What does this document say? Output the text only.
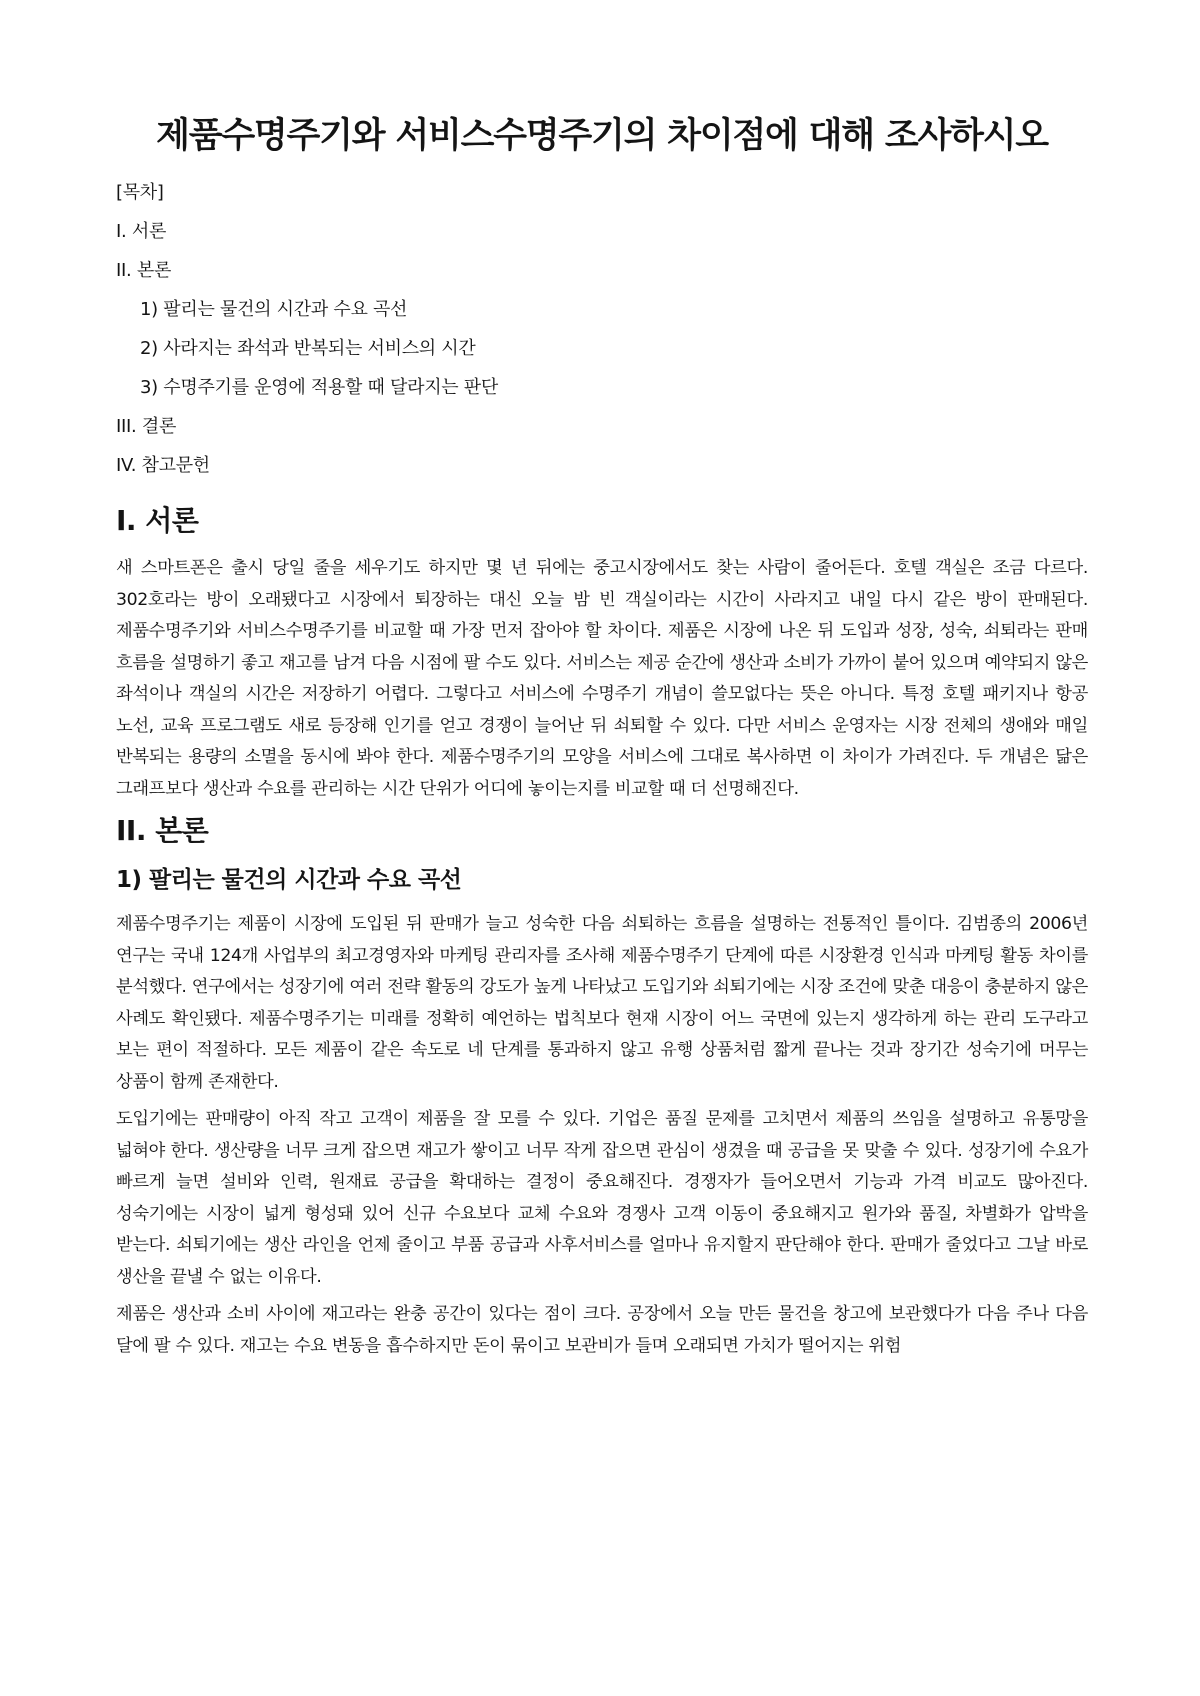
제품수명주기와 서비스수명주기의 차이점에 대해 조사하시오
[목차]
I. 서론
II. 본론
1) 팔리는 물건의 시간과 수요 곡선
2) 사라지는 좌석과 반복되는 서비스의 시간
3) 수명주기를 운영에 적용할 때 달라지는 판단
III. 결론
IV. 참고문헌
I. 서론

새 스마트폰은 출시 당일 줄을 세우기도 하지만 몇 년 뒤에는 중고시장에서도 찾는 사람이 줄어든다. 호텔 객실은 조금 다르다. 302호라는 방이 오래됐다고 시장에서 퇴장하는 대신 오늘 밤 빈 객실이라는 시간이 사라지고 내일 다시 같은 방이 판매된다. 제품수명주기와 서비스수명주기를 비교할 때 가장 먼저 잡아야 할 차이다. 제품은 시장에 나온 뒤 도입과 성장, 성숙, 쇠퇴라는 판매 흐름을 설명하기 좋고 재고를 남겨 다음 시점에 팔 수도 있다. 서비스는 제공 순간에 생산과 소비가 가까이 붙어 있으며 예약되지 않은 좌석이나 객실의 시간은 저장하기 어렵다. 그렇다고 서비스에 수명주기 개념이 쓸모없다는 뜻은 아니다. 특정 호텔 패키지나 항공 노선, 교육 프로그램도 새로 등장해 인기를 얻고 경쟁이 늘어난 뒤 쇠퇴할 수 있다. 다만 서비스 운영자는 시장 전체의 생애와 매일 반복되는 용량의 소멸을 동시에 봐야 한다. 제품수명주기의 모양을 서비스에 그대로 복사하면 이 차이가 가려진다. 두 개념은 닮은 그래프보다 생산과 수요를 관리하는 시간 단위가 어디에 놓이는지를 비교할 때 더 선명해진다.

II. 본론
1) 팔리는 물건의 시간과 수요 곡선

제품수명주기는 제품이 시장에 도입된 뒤 판매가 늘고 성숙한 다음 쇠퇴하는 흐름을 설명하는 전통적인 틀이다. 김범종의 2006년 연구는 국내 124개 사업부의 최고경영자와 마케팅 관리자를 조사해 제품수명주기 단계에 따른 시장환경 인식과 마케팅 활동 차이를 분석했다. 연구에서는 성장기에 여러 전략 활동의 강도가 높게 나타났고 도입기와 쇠퇴기에는 시장 조건에 맞춘 대응이 충분하지 않은 사례도 확인됐다. 제품수명주기는 미래를 정확히 예언하는 법칙보다 현재 시장이 어느 국면에 있는지 생각하게 하는 관리 도구라고 보는 편이 적절하다. 모든 제품이 같은 속도로 네 단계를 통과하지 않고 유행 상품처럼 짧게 끝나는 것과 장기간 성숙기에 머무는 상품이 함께 존재한다.

도입기에는 판매량이 아직 작고 고객이 제품을 잘 모를 수 있다. 기업은 품질 문제를 고치면서 제품의 쓰임을 설명하고 유통망을 넓혀야 한다. 생산량을 너무 크게 잡으면 재고가 쌓이고 너무 작게 잡으면 관심이 생겼을 때 공급을 못 맞출 수 있다. 성장기에 수요가 빠르게 늘면 설비와 인력, 원재료 공급을 확대하는 결정이 중요해진다. 경쟁자가 들어오면서 기능과 가격 비교도 많아진다. 성숙기에는 시장이 넓게 형성돼 있어 신규 수요보다 교체 수요와 경쟁사 고객 이동이 중요해지고 원가와 품질, 차별화가 압박을 받는다. 쇠퇴기에는 생산 라인을 언제 줄이고 부품 공급과 사후서비스를 얼마나 유지할지 판단해야 한다. 판매가 줄었다고 그날 바로 생산을 끝낼 수 없는 이유다.

제품은 생산과 소비 사이에 재고라는 완충 공간이 있다는 점이 크다. 공장에서 오늘 만든 물건을 창고에 보관했다가 다음 주나 다음 달에 팔 수 있다. 재고는 수요 변동을 흡수하지만 돈이 묶이고 보관비가 들며 오래되면 가치가 떨어지는 위험
